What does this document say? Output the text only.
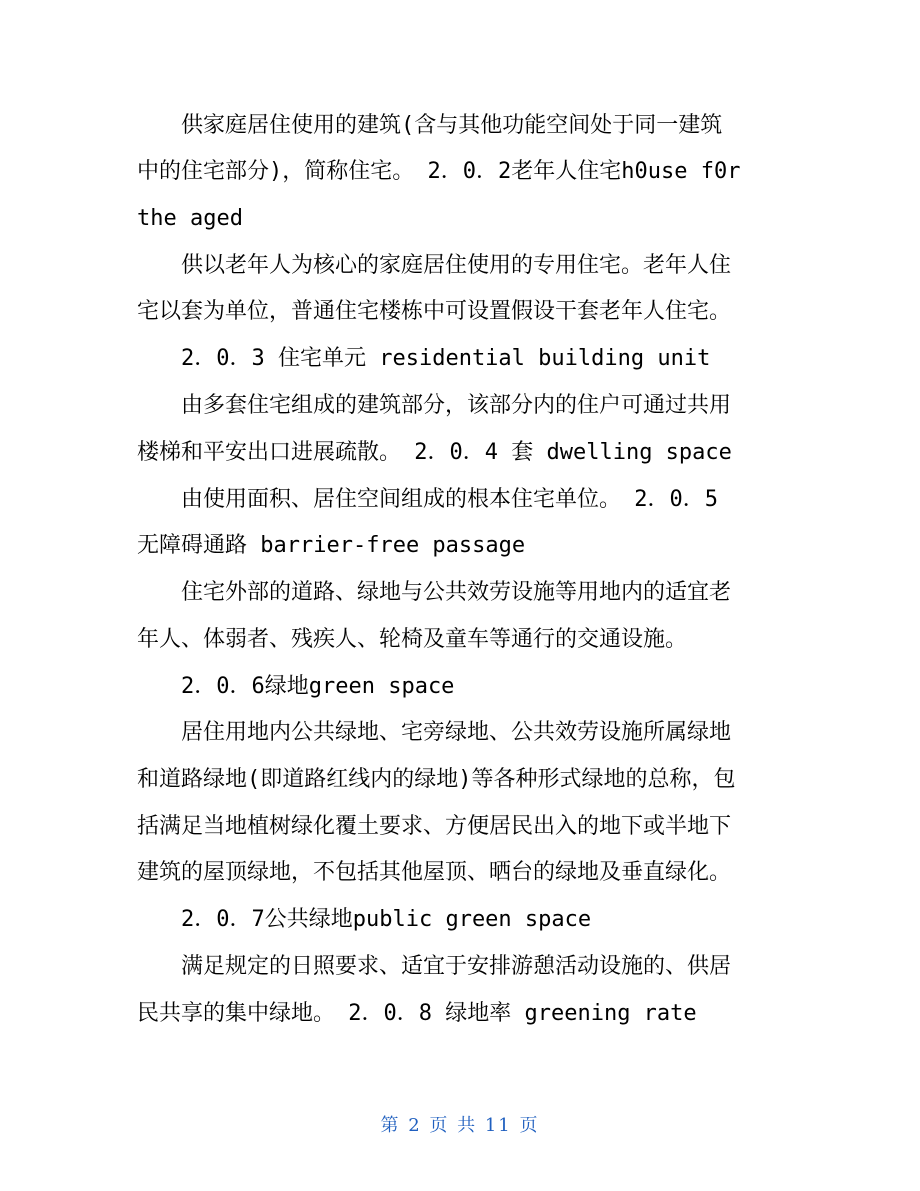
供家庭居住使用的建筑(含与其他功能空间处于同一建筑
中的住宅部分)，简称住宅。 2．0．2老年人住宅h0use f0r
the aged
供以老年人为核心的家庭居住使用的专用住宅。老年人住
宅以套为单位，普通住宅楼栋中可设置假设干套老年人住宅。
2．0．3 住宅单元 residential building unit
由多套住宅组成的建筑部分，该部分内的住户可通过共用
楼梯和平安出口进展疏散。 2．0．4 套 dwelling space
由使用面积、居住空间组成的根本住宅单位。 2．0．5
无障碍通路 barrier-free passage
住宅外部的道路、绿地与公共效劳设施等用地内的适宜老
年人、体弱者、残疾人、轮椅及童车等通行的交通设施。
2．0．6绿地green space
居住用地内公共绿地、宅旁绿地、公共效劳设施所属绿地
和道路绿地(即道路红线内的绿地)等各种形式绿地的总称，包
括满足当地植树绿化覆土要求、方便居民出入的地下或半地下
建筑的屋顶绿地，不包括其他屋顶、晒台的绿地及垂直绿化。
2．0．7公共绿地public green space
满足规定的日照要求、适宜于安排游憩活动设施的、供居
民共享的集中绿地。 2．0．8 绿地率 greening rate
第 2 页 共 11 页
